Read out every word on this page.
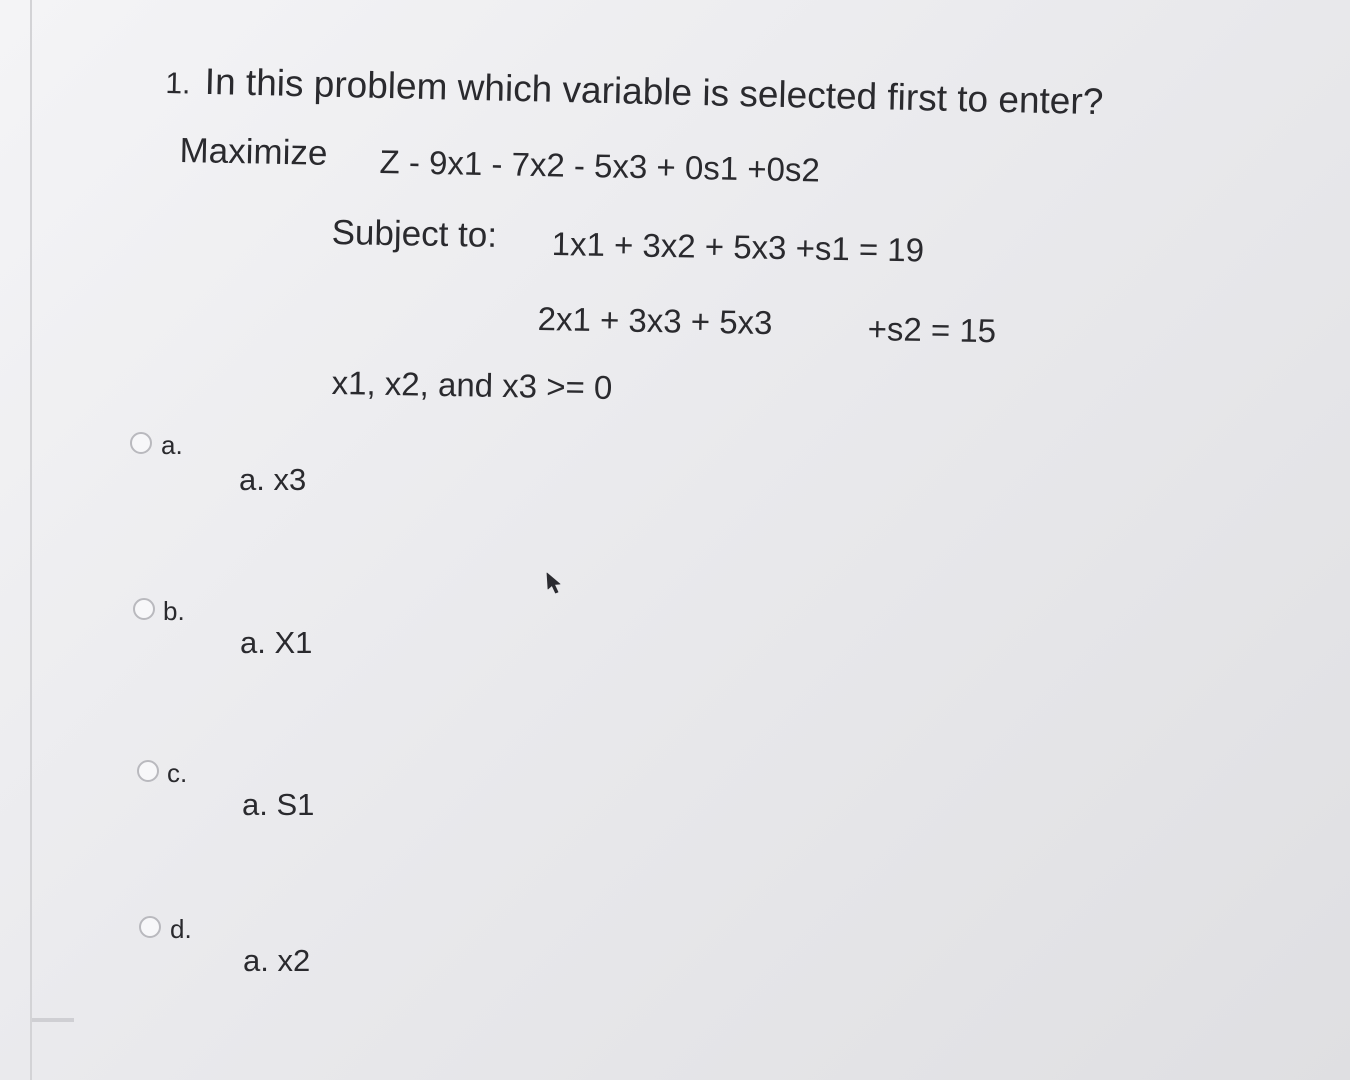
1. In this problem which variable is selected first to enter?
Maximize Z - 9x1 - 7x2 - 5x3 + 0s1 +0s2
Subject to: 1x1 + 3x2 + 5x3 +s1 = 19
2x1 + 3x3 + 5x3	+s2 = 15
x1, x2, and x3 >= 0
a.
a. x3
b.
a. X1
c.
a. S1
d.
a. x2
